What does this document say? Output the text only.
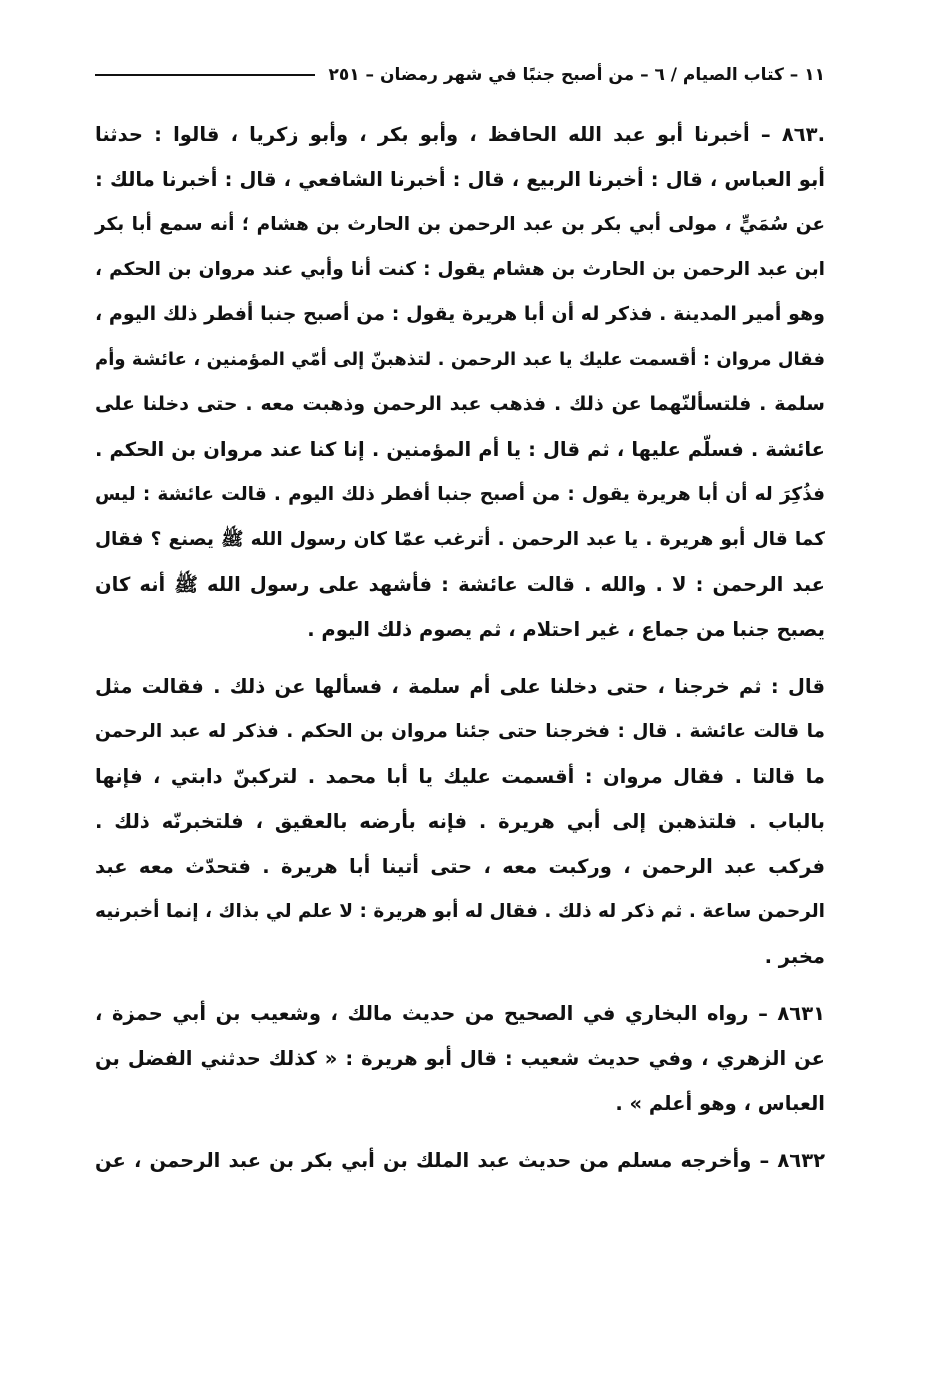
١١ – كتاب الصيام / ٦ – من أصبح جنبًا في شهر رمضان – ٢٥١
.٨٦٣ – أخبرنا أبو عبد الله الحافظ ، وأبو بكر ، وأبو زكريا ، قالوا : حدثنا
أبو العباس ، قال : أخبرنا الربيع ، قال : أخبرنا الشافعي ، قال : أخبرنا مالك :
عن سُمَيٍّ ، مولى أبي بكر بن عبد الرحمن بن الحارث بن هشام ؛ أنه سمع أبا بكر
ابن عبد الرحمن بن الحارث بن هشام يقول : كنت أنا وأبي عند مروان بن الحكم ،
وهو أمير المدينة . فذكر له أن أبا هريرة يقول : من أصبح جنبا أفطر ذلك اليوم ،
فقال مروان : أقسمت عليك يا عبد الرحمن . لتذهبنّ إلى أمّي المؤمنين ، عائشة وأم
سلمة . فلتسألنّهما عن ذلك . فذهب عبد الرحمن وذهبت معه . حتى دخلنا على
عائشة . فسلّم عليها ، ثم قال : يا أم المؤمنين . إنا كنا عند مروان بن الحكم .
فذُكِرَ له أن أبا هريرة يقول : من أصبح جنبا أفطر ذلك اليوم . قالت عائشة : ليس
كما قال أبو هريرة . يا عبد الرحمن . أترغب عمّا كان رسول الله ﷺ يصنع ؟ فقال
عبد الرحمن : لا . والله . قالت عائشة : فأشهد على رسول الله ﷺ أنه كان
يصبح جنبا من جماع ، غير احتلام ، ثم يصوم ذلك اليوم .
قال : ثم خرجنا ، حتى دخلنا على أم سلمة ، فسألها عن ذلك . فقالت مثل
ما قالت عائشة . قال : فخرجنا حتى جئنا مروان بن الحكم . فذكر له عبد الرحمن
ما قالتا . فقال مروان : أقسمت عليك يا أبا محمد . لتركبنّ دابتي ، فإنها
بالباب . فلتذهبن إلى أبي هريرة . فإنه بأرضه بالعقيق ، فلتخبرنّه ذلك .
فركب عبد الرحمن ، وركبت معه ، حتى أتينا أبا هريرة . فتحدّث معه عبد
الرحمن ساعة . ثم ذكر له ذلك . فقال له أبو هريرة : لا علم لي بذاك ، إنما أخبرنيه
مخبر .
٨٦٣١ – رواه البخاري في الصحيح من حديث مالك ، وشعيب بن أبي حمزة ،
عن الزهري ، وفي حديث شعيب : قال أبو هريرة : « كذلك حدثني الفضل بن
العباس ، وهو أعلم » .
٨٦٣٢ – وأخرجه مسلم من حديث عبد الملك بن أبي بكر بن عبد الرحمن ، عن
